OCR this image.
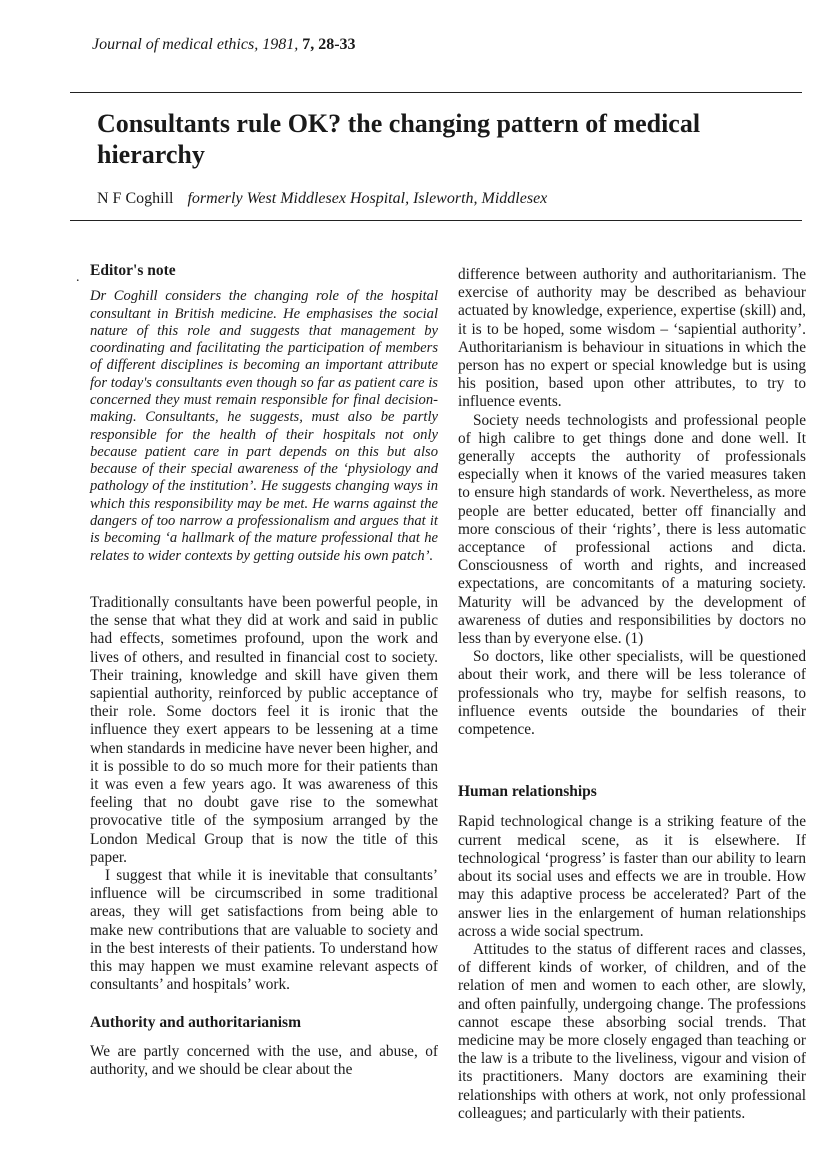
Journal of medical ethics, 1981, 7, 28-33
Consultants rule OK? the changing pattern of medical hierarchy
N F Coghill formerly West Middlesex Hospital, Isleworth, Middlesex
. Editor's note

Dr Coghill considers the changing role of the hospital consultant in British medicine. He emphasises the social nature of this role and suggests that management by coordinating and facilitating the participation of members of different disciplines is becoming an important attribute for today's consultants even though so far as patient care is concerned they must remain responsible for final decision-making. Consultants, he suggests, must also be partly responsible for the health of their hospitals not only because patient care in part depends on this but also because of their special awareness of the ‘physiology and pathology of the institution’. He suggests changing ways in which this responsibility may be met. He warns against the dangers of too narrow a professionalism and argues that it is becoming ‘a hallmark of the mature professional that he relates to wider contexts by getting outside his own patch’.

Traditionally consultants have been powerful people, in the sense that what they did at work and said in public had effects, sometimes profound, upon the work and lives of others, and resulted in financial cost to society. Their training, knowledge and skill have given them sapiential authority, reinforced by public acceptance of their role. Some doctors feel it is ironic that the influence they exert appears to be lessening at a time when standards in medicine have never been higher, and it is possible to do so much more for their patients than it was even a few years ago. It was awareness of this feeling that no doubt gave rise to the somewhat provocative title of the symposium arranged by the London Medical Group that is now the title of this paper.

I suggest that while it is inevitable that consultants’ influence will be circumscribed in some traditional areas, they will get satisfactions from being able to make new contributions that are valuable to society and in the best interests of their patients. To understand how this may happen we must examine relevant aspects of consultants’ and hospitals’ work.

Authority and authoritarianism

We are partly concerned with the use, and abuse, of authority, and we should be clear about the

difference between authority and authoritarianism. The exercise of authority may be described as behaviour actuated by knowledge, experience, expertise (skill) and, it is to be hoped, some wisdom – ‘sapiential authority’. Authoritarianism is behaviour in situations in which the person has no expert or special knowledge but is using his position, based upon other attributes, to try to influence events.

Society needs technologists and professional people of high calibre to get things done and done well. It generally accepts the authority of professionals especially when it knows of the varied measures taken to ensure high standards of work. Nevertheless, as more people are better educated, better off financially and more conscious of their ‘rights’, there is less automatic acceptance of professional actions and dicta. Consciousness of worth and rights, and increased expectations, are concomitants of a maturing society. Maturity will be advanced by the development of awareness of duties and responsibilities by doctors no less than by everyone else. (1)

So doctors, like other specialists, will be questioned about their work, and there will be less tolerance of professionals who try, maybe for selfish reasons, to influence events outside the boundaries of their competence.

Human relationships

Rapid technological change is a striking feature of the current medical scene, as it is elsewhere. If technological ‘progress’ is faster than our ability to learn about its social uses and effects we are in trouble. How may this adaptive process be accelerated? Part of the answer lies in the enlargement of human relationships across a wide social spectrum.

Attitudes to the status of different races and classes, of different kinds of worker, of children, and of the relation of men and women to each other, are slowly, and often painfully, undergoing change. The professions cannot escape these absorbing social trends. That medicine may be more closely engaged than teaching or the law is a tribute to the liveliness, vigour and vision of its practitioners. Many doctors are examining their relationships with others at work, not only professional colleagues; and particularly with their patients.
